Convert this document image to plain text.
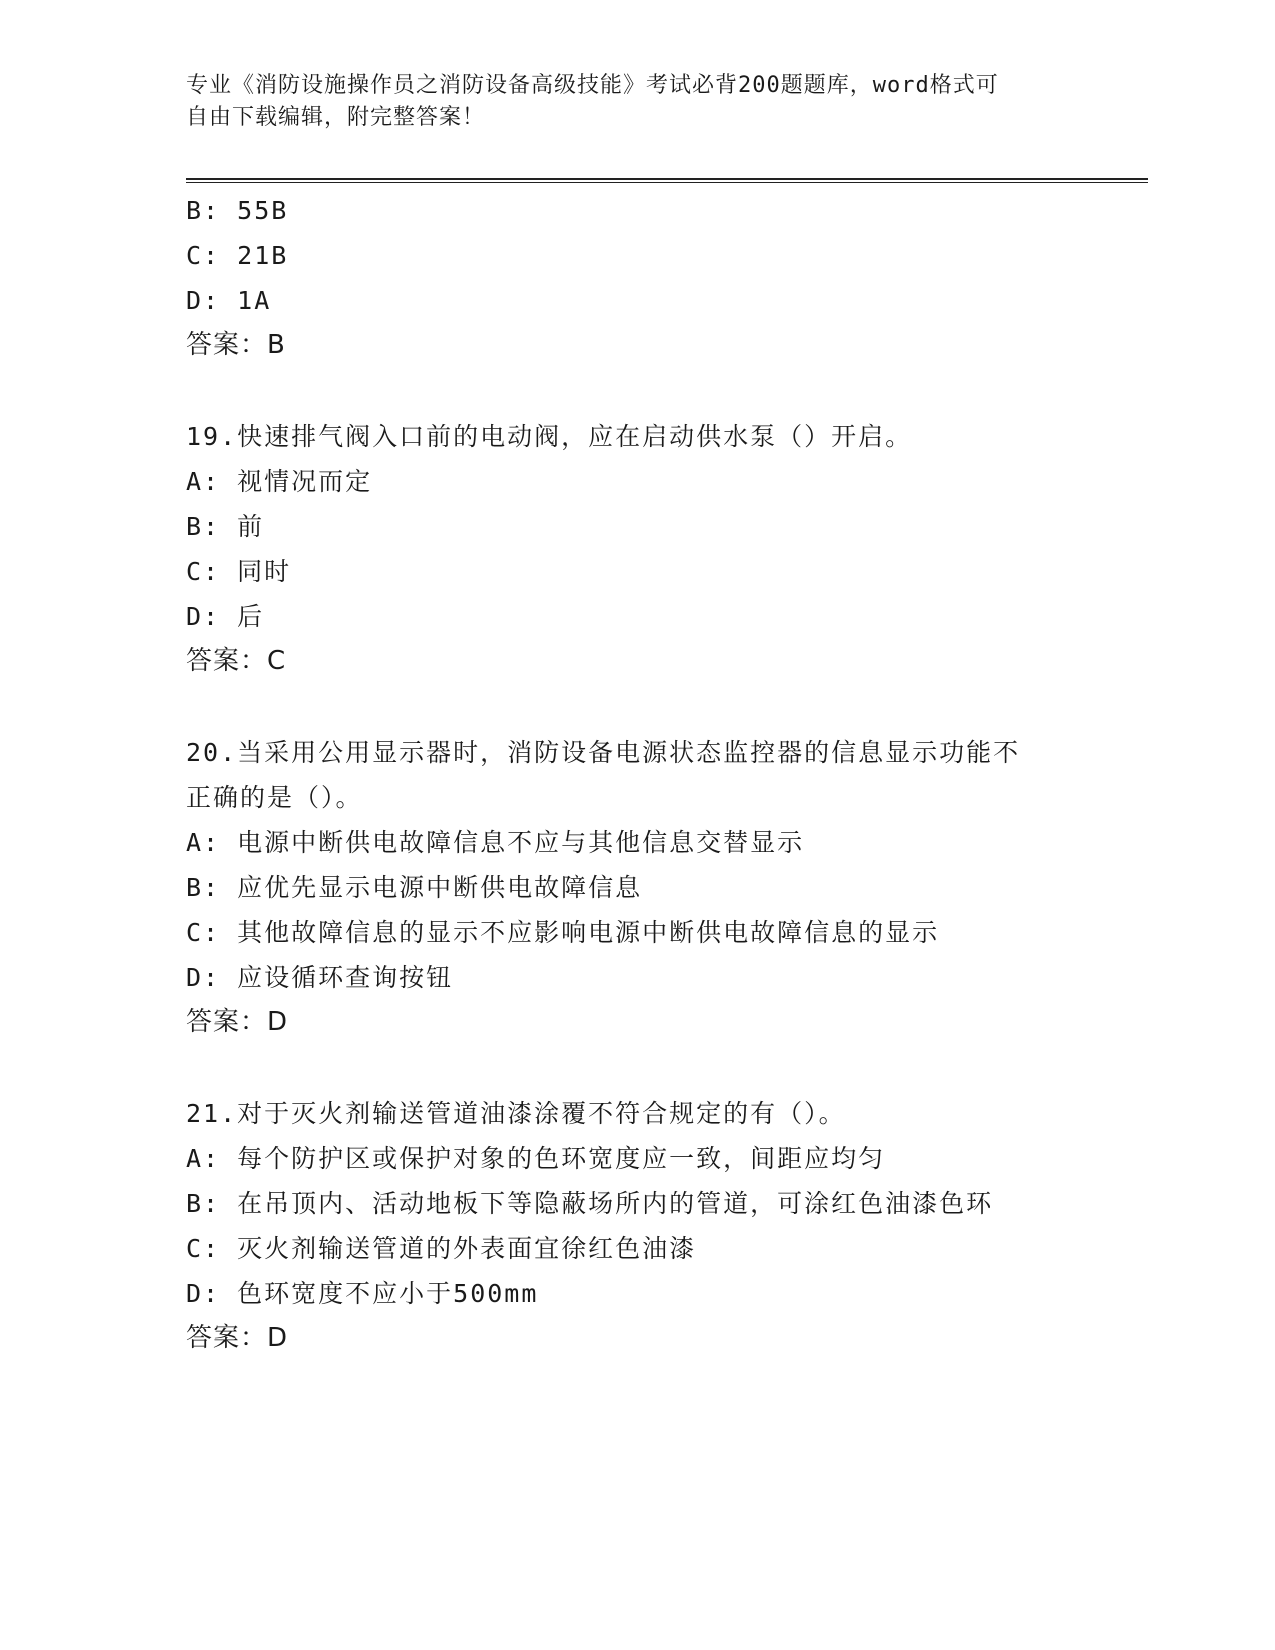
专业《消防设施操作员之消防设备高级技能》考试必背200题题库，word格式可
自由下载编辑，附完整答案！
B: 55B
C: 21B
D: 1A
答案：B
19.快速排气阀入口前的电动阀，应在启动供水泵（）开启。
A: 视情况而定
B: 前
C: 同时
D: 后
答案：C
20.当采用公用显示器时，消防设备电源状态监控器的信息显示功能不
正确的是（）。
A: 电源中断供电故障信息不应与其他信息交替显示
B: 应优先显示电源中断供电故障信息
C: 其他故障信息的显示不应影响电源中断供电故障信息的显示
D: 应设循环查询按钮
答案：D
21.对于灭火剂输送管道油漆涂覆不符合规定的有（）。
A: 每个防护区或保护对象的色环宽度应一致，间距应均匀
B: 在吊顶内、活动地板下等隐蔽场所内的管道，可涂红色油漆色环
C: 灭火剂输送管道的外表面宜徐红色油漆
D: 色环宽度不应小于500mm
答案：D
